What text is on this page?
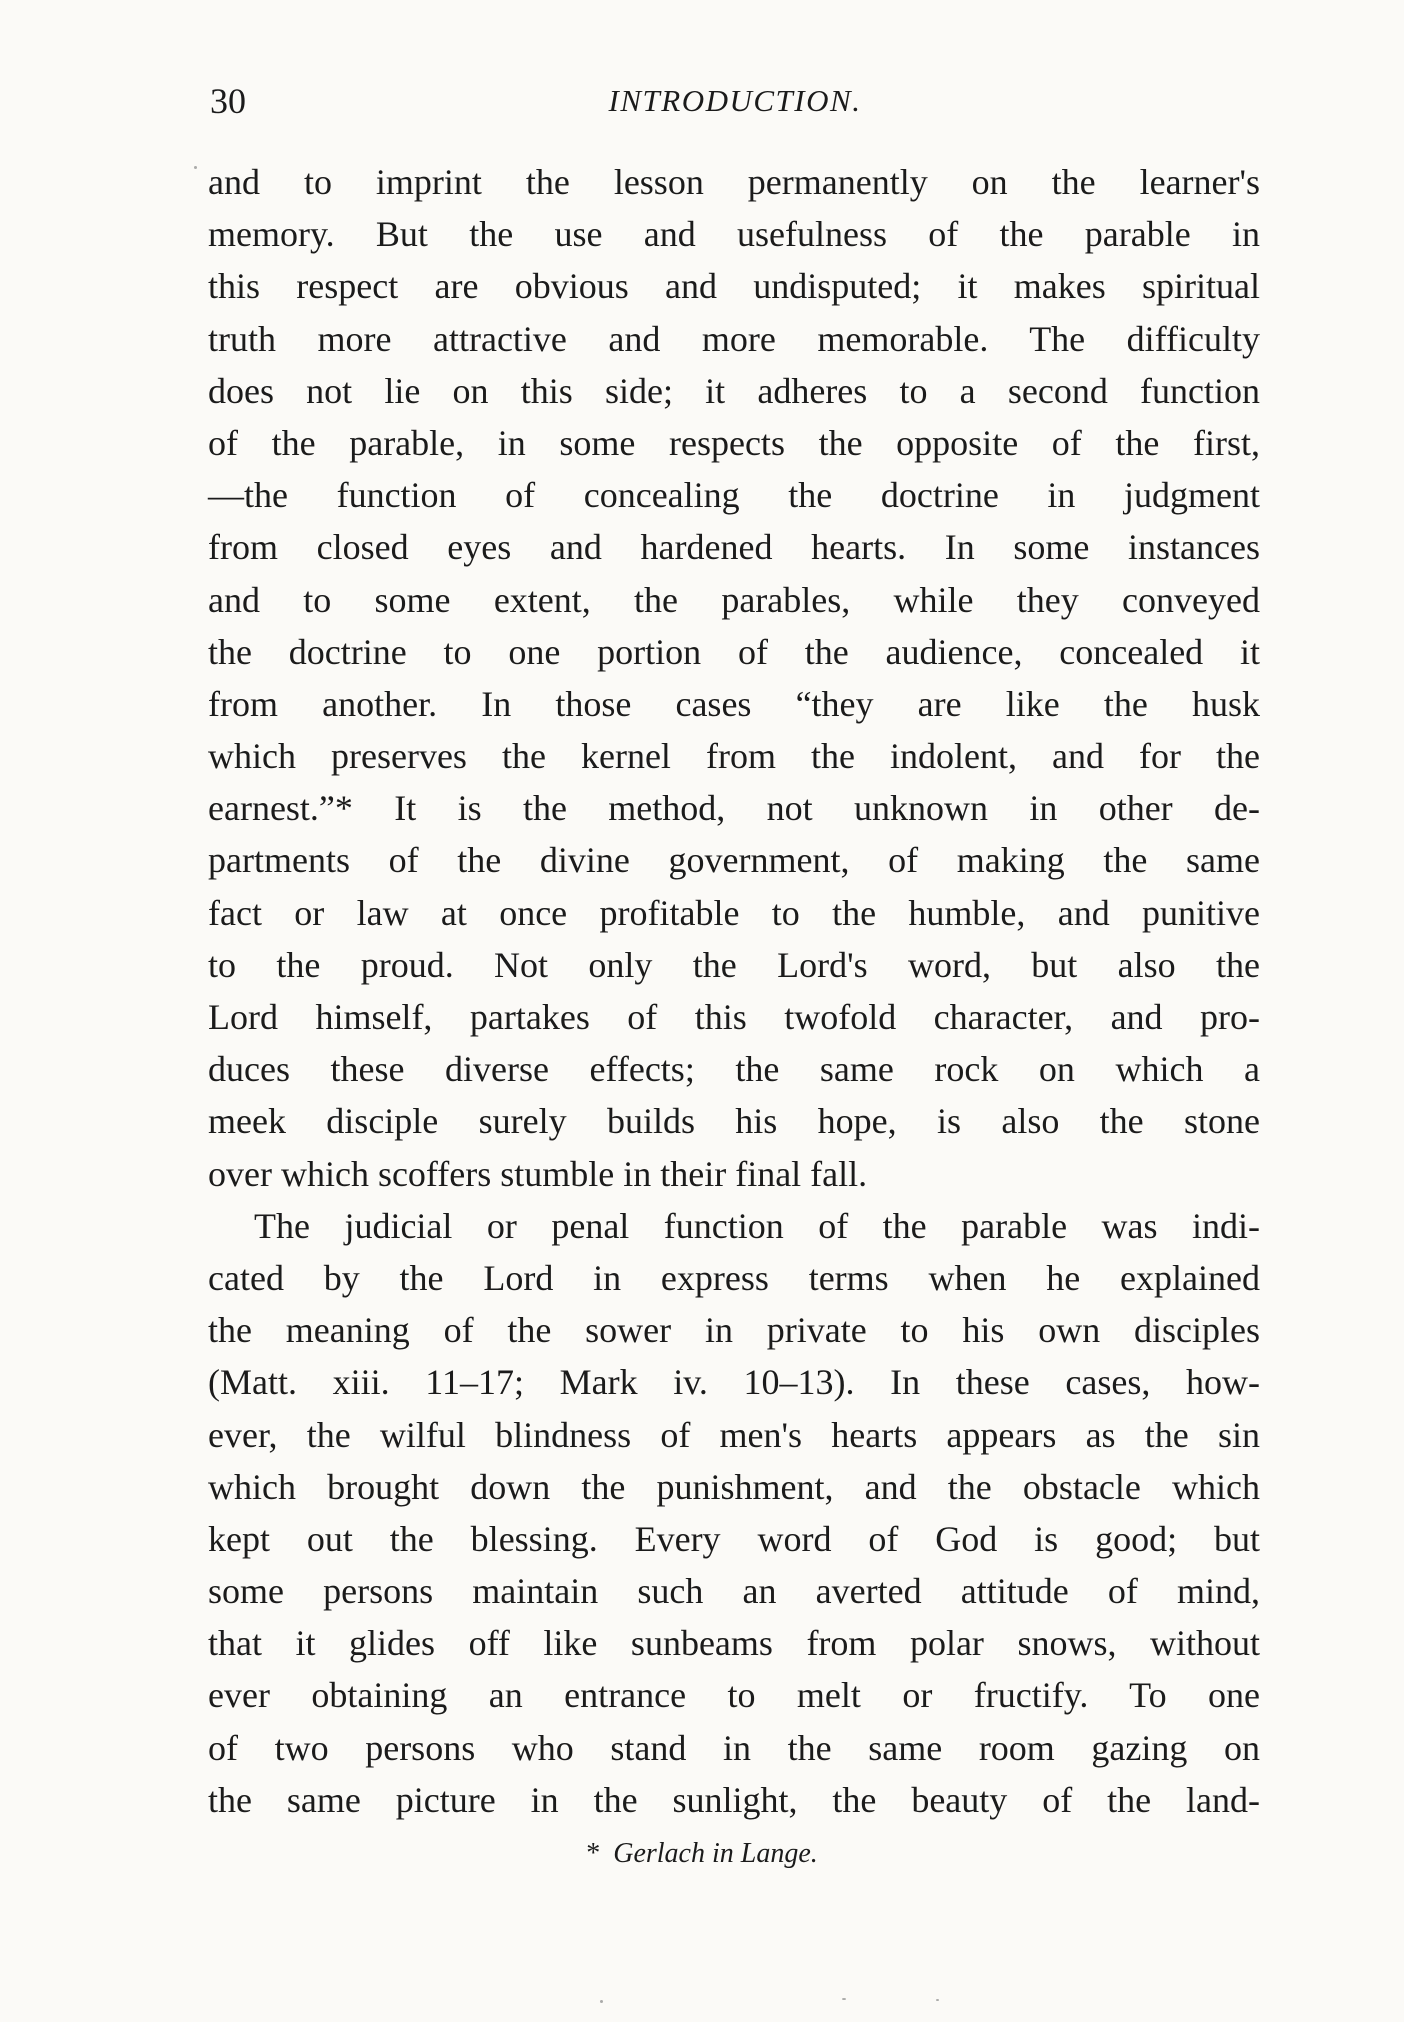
30	INTRODUCTION.
and to imprint the lesson permanently on the learner's
memory. But the use and usefulness of the parable in
this respect are obvious and undisputed; it makes spiritual
truth more attractive and more memorable. The difficulty
does not lie on this side; it adheres to a second function
of the parable, in some respects the opposite of the first,
—the function of concealing the doctrine in judgment
from closed eyes and hardened hearts. In some instances
and to some extent, the parables, while they conveyed
the doctrine to one portion of the audience, concealed it
from another. In those cases “they are like the husk
which preserves the kernel from the indolent, and for the
earnest.”* It is the method, not unknown in other de-
partments of the divine government, of making the same
fact or law at once profitable to the humble, and punitive
to the proud. Not only the Lord's word, but also the
Lord himself, partakes of this twofold character, and pro-
duces these diverse effects; the same rock on which a
meek disciple surely builds his hope, is also the stone
over which scoffers stumble in their final fall.
The judicial or penal function of the parable was indi-
cated by the Lord in express terms when he explained
the meaning of the sower in private to his own disciples
(Matt. xiii. 11–17; Mark iv. 10–13). In these cases, how-
ever, the wilful blindness of men's hearts appears as the sin
which brought down the punishment, and the obstacle which
kept out the blessing. Every word of God is good; but
some persons maintain such an averted attitude of mind,
that it glides off like sunbeams from polar snows, without
ever obtaining an entrance to melt or fructify. To one
of two persons who stand in the same room gazing on
the same picture in the sunlight, the beauty of the land-
* Gerlach in Lange.
